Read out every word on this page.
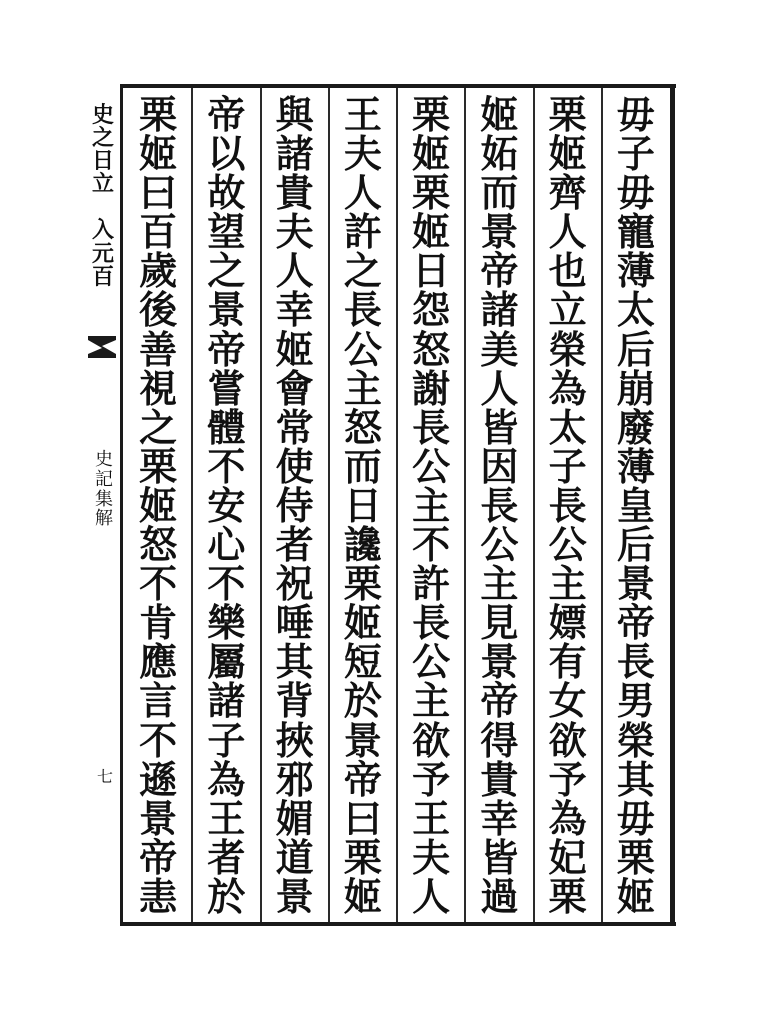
史
之
日
立

入
元
百
史
記
集
解
七
毋
子
毋
寵
薄
太
后
崩
廢
薄
皇
后
景
帝
長
男
榮
其
毋
栗
姬
栗
姬
齊
人
也
立
榮
為
太
子
長
公
主
嫖
有
女
欲
予
為
妃
栗
姬
妬
而
景
帝
諸
美
人
皆
因
長
公
主
見
景
帝
得
貴
幸
皆
過
栗
姬
栗
姬
日
怨
怒
謝
長
公
主
不
許
長
公
主
欲
予
王
夫
人
王
夫
人
許
之
長
公
主
怒
而
日
讒
栗
姬
短
於
景
帝
曰
栗
姬
與
諸
貴
夫
人
幸
姬
會
常
使
侍
者
祝
唾
其
背
挾
邪
媚
道
景
帝
以
故
望
之
景
帝
嘗
體
不
安
心
不
樂
屬
諸
子
為
王
者
於
栗
姬
曰
百
歲
後
善
視
之
栗
姬
怒
不
肯
應
言
不
遜
景
帝
恚
